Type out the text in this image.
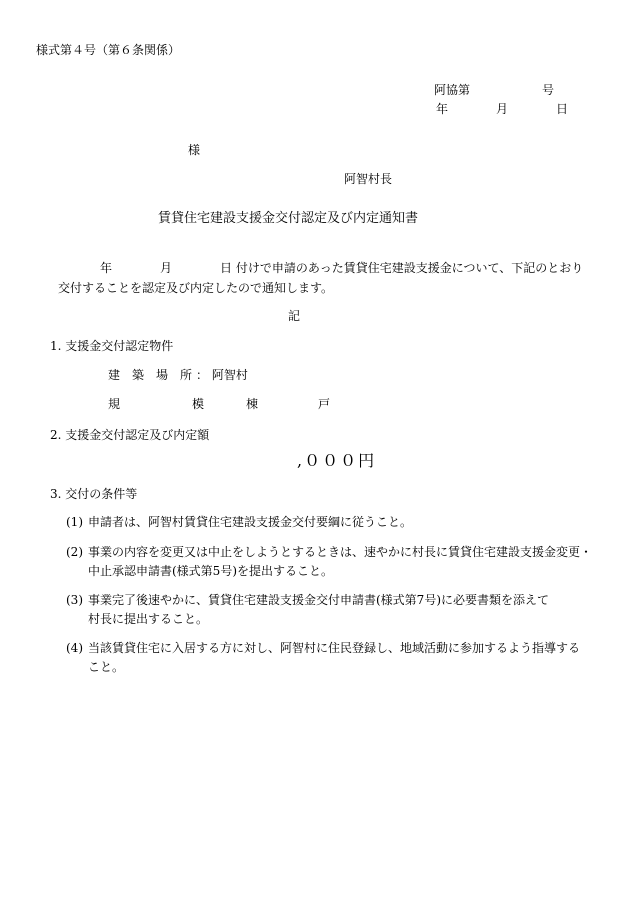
様式第４号（第６条関係）
阿協第　　　　　　号
年　　　　月　　　　日
様
阿智村長
賃貸住宅建設支援金交付認定及び内定通知書
年　　　　月　　　　日 付けで申請のあった賃貸住宅建設支援金について、下記のとおり
交付することを認定及び内定したので通知します。
記
1. 支援金交付認定物件
建　築　場　所 ： 阿智村
規　　　　　　模
：　　　　棟　　　　　戸
2. 支援金交付認定及び内定額
,０００円
3. 交付の条件等
(1) 申請者は、阿智村賃貸住宅建設支援金交付要綱に従うこと。
(2) 事業の内容を変更又は中止をしようとするときは、速やかに村長に賃貸住宅建設支援金変更・
中止承認申請書(様式第5号)を提出すること。
(3) 事業完了後速やかに、賃貸住宅建設支援金交付申請書(様式第7号)に必要書類を添えて
村長に提出すること。
(4) 当該賃貸住宅に入居する方に対し、阿智村に住民登録し、地域活動に参加するよう指導する
こと。
